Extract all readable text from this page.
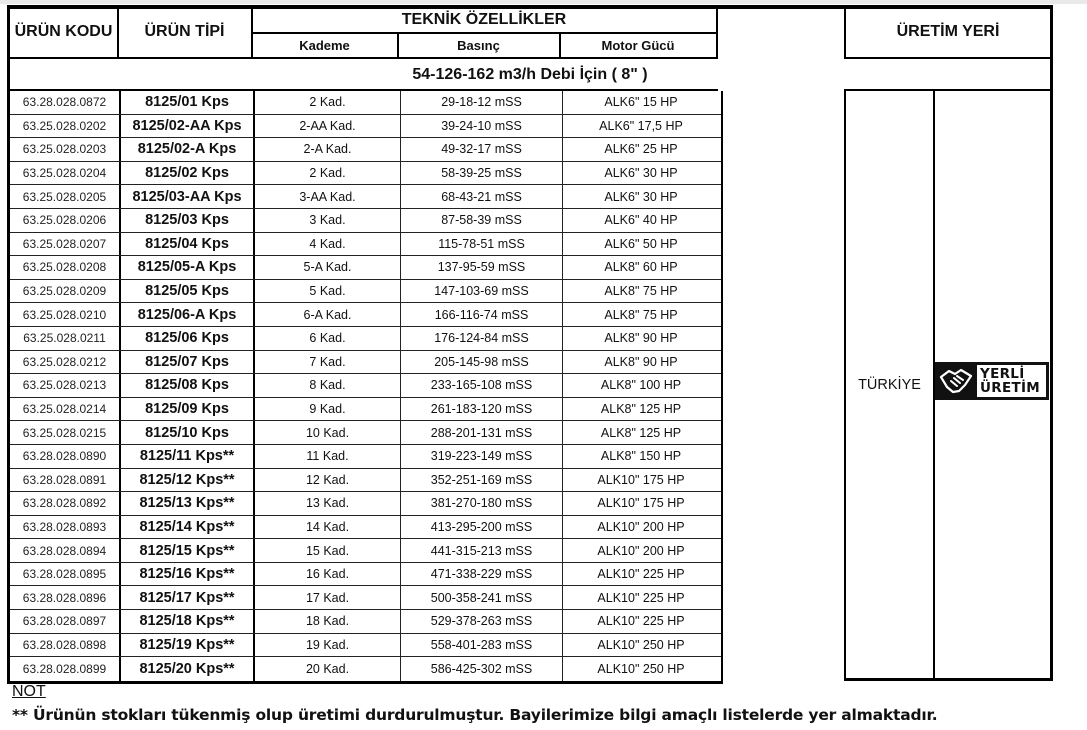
ÜRÜN KODU	ÜRÜN TİPİ
TEKNİK ÖZELLİKLER
Kademe	Basınç	Motor Gücü
ÜRETİM YERİ
54-126-162 m3/h Debi İçin ( 8" )
63.28.028.0872	8125/01 Kps	2 Kad.	29-18-12 mSS	ALK6" 15 HP
63.25.028.0202	8125/02-AA Kps	2-AA Kad.	39-24-10 mSS	ALK6" 17,5 HP
63.25.028.0203	8125/02-A Kps	2-A Kad.	49-32-17 mSS	ALK6" 25 HP
63.25.028.0204	8125/02 Kps	2 Kad.	58-39-25 mSS	ALK6" 30 HP
63.25.028.0205	8125/03-AA Kps	3-AA Kad.	68-43-21 mSS	ALK6" 30 HP
63.25.028.0206	8125/03 Kps	3 Kad.	87-58-39 mSS	ALK6" 40 HP
63.25.028.0207	8125/04 Kps	4 Kad.	115-78-51 mSS	ALK6" 50 HP
63.25.028.0208	8125/05-A Kps	5-A Kad.	137-95-59 mSS	ALK8" 60 HP
63.25.028.0209	8125/05 Kps	5 Kad.	147-103-69 mSS	ALK8" 75 HP
63.25.028.0210	8125/06-A Kps	6-A Kad.	166-116-74 mSS	ALK8" 75 HP
63.25.028.0211	8125/06 Kps	6 Kad.	176-124-84 mSS	ALK8" 90 HP
63.25.028.0212	8125/07 Kps	7 Kad.	205-145-98 mSS	ALK8" 90 HP
63.25.028.0213	8125/08 Kps	8 Kad.	233-165-108 mSS	ALK8" 100 HP
63.25.028.0214	8125/09 Kps	9 Kad.	261-183-120 mSS	ALK8" 125 HP
63.25.028.0215	8125/10 Kps	10 Kad.	288-201-131 mSS	ALK8" 125 HP
63.28.028.0890	8125/11 Kps**	11 Kad.	319-223-149 mSS	ALK8" 150 HP
63.28.028.0891	8125/12 Kps**	12 Kad.	352-251-169 mSS	ALK10" 175 HP
63.28.028.0892	8125/13 Kps**	13 Kad.	381-270-180 mSS	ALK10" 175 HP
63.28.028.0893	8125/14 Kps**	14 Kad.	413-295-200 mSS	ALK10" 200 HP
63.28.028.0894	8125/15 Kps**	15 Kad.	441-315-213 mSS	ALK10" 200 HP
63.28.028.0895	8125/16 Kps**	16 Kad.	471-338-229 mSS	ALK10" 225 HP
63.28.028.0896	8125/17 Kps**	17 Kad.	500-358-241 mSS	ALK10" 225 HP
63.28.028.0897	8125/18 Kps**	18 Kad.	529-378-263 mSS	ALK10" 225 HP
63.28.028.0898	8125/19 Kps**	19 Kad.	558-401-283 mSS	ALK10" 250 HP
63.28.028.0899	8125/20 Kps**	20 Kad.	586-425-302 mSS	ALK10" 250 HP
TÜRKİYE
YERLİ
ÜRETİM
NOT
** Ürünün stokları tükenmiş olup üretimi durdurulmuştur. Bayilerimize bilgi amaçlı listelerde yer almaktadır.
